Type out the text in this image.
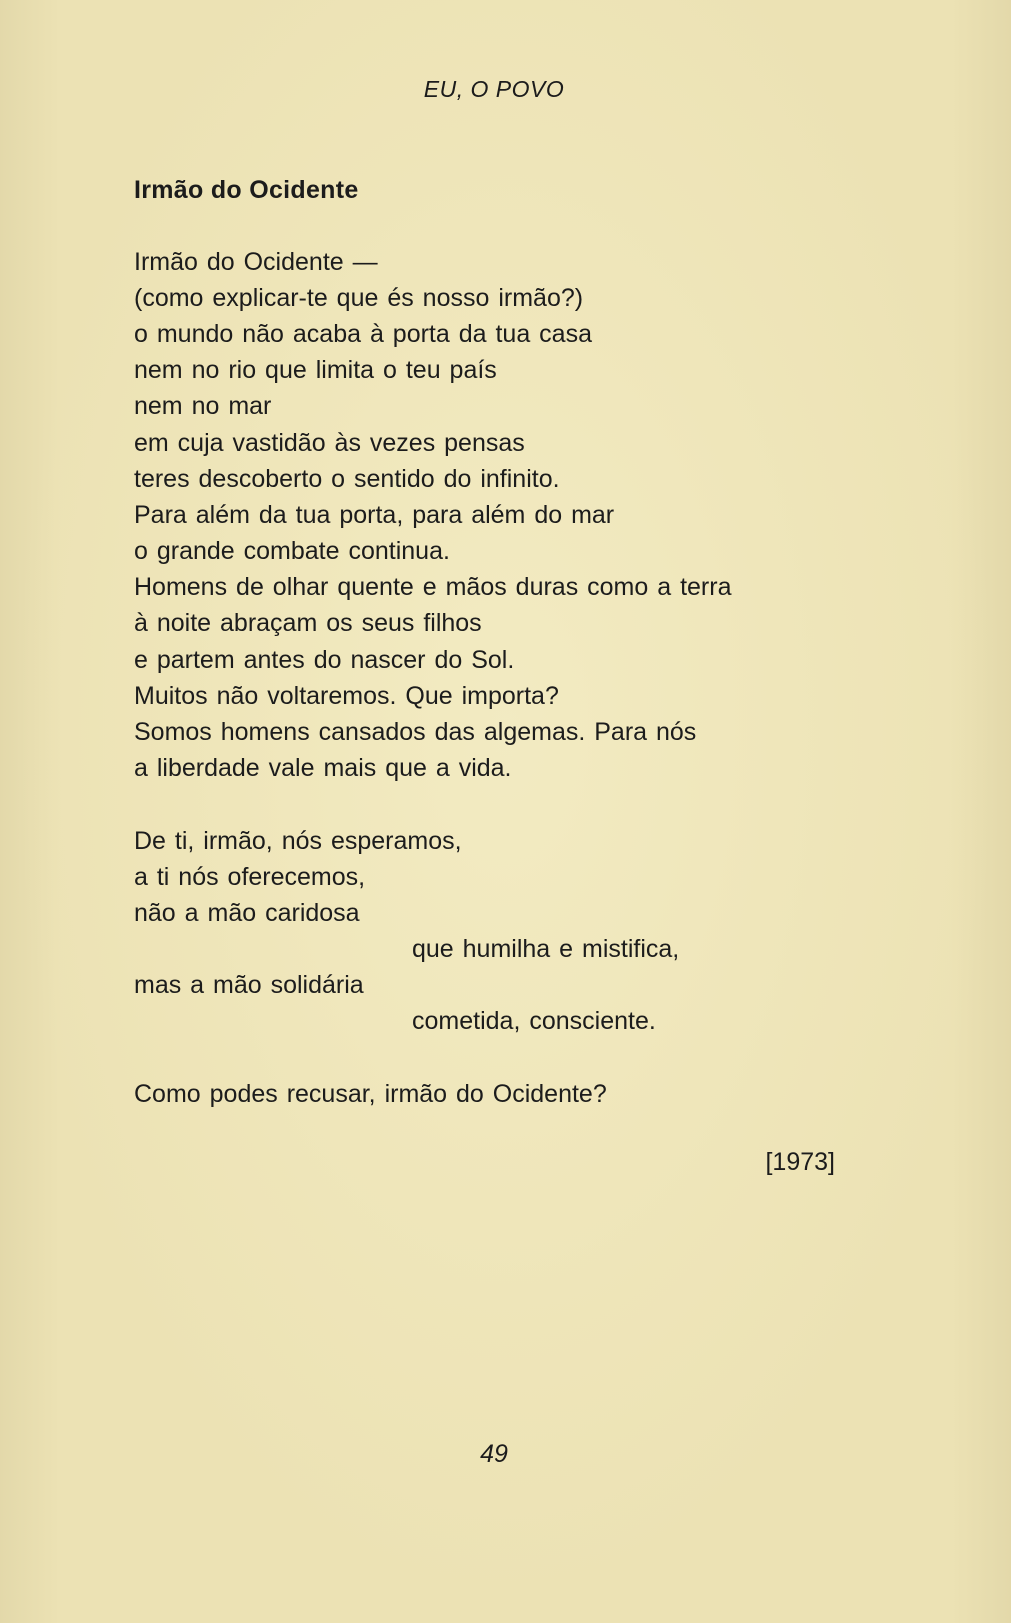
EU, O POVO
Irmão do Ocidente
Irmão do Ocidente —
(como explicar-te que és nosso irmão?)
o mundo não acaba à porta da tua casa
nem no rio que limita o teu país
nem no mar
em cuja vastidão às vezes pensas
teres descoberto o sentido do infinito.
Para além da tua porta, para além do mar
o grande combate continua.
Homens de olhar quente e mãos duras como a terra
à noite abraçam os seus filhos
e partem antes do nascer do Sol.
Muitos não voltaremos. Que importa?
Somos homens cansados das algemas. Para nós
a liberdade vale mais que a vida.
De ti, irmão, nós esperamos,
a ti nós oferecemos,
não a mão caridosa
que humilha e mistifica,
mas a mão solidária
cometida, consciente.
Como podes recusar, irmão do Ocidente?
[1973]
49
